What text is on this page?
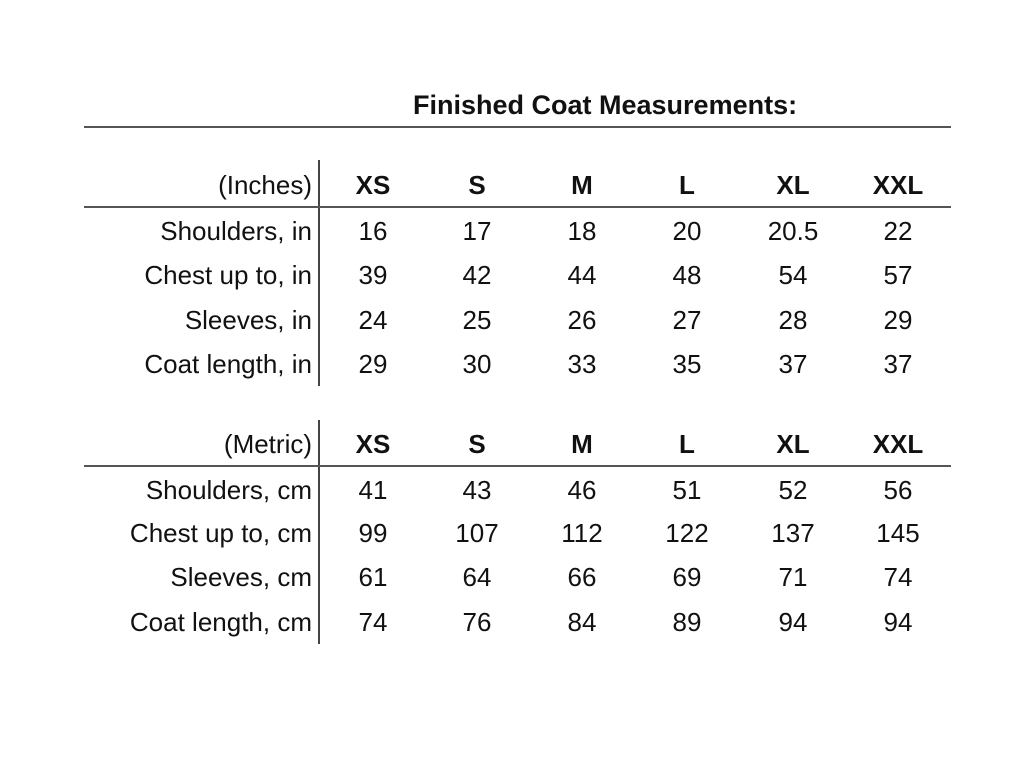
Finished Coat Measurements:
(Inches)	XS	S	M	L	XL	XXL
Shoulders, in	16	17	18	20	20.5	22
Chest up to, in	39	42	44	48	54	57
Sleeves, in	24	25	26	27	28	29
Coat length, in	29	30	33	35	37	37
(Metric)	XS	S	M	L	XL	XXL
Shoulders, cm	41	43	46	51	52	56
Chest up to, cm	99	107	112	122	137	145
Sleeves, cm	61	64	66	69	71	74
Coat length, cm	74	76	84	89	94	94
